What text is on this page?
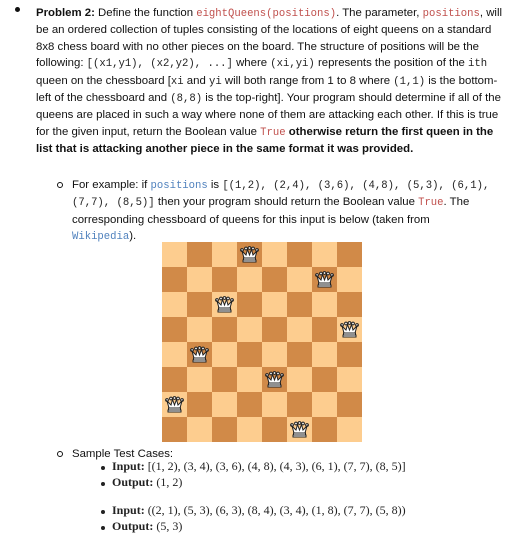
Problem 2: Define the function eightQueens(positions). The parameter, positions, will be an ordered collection of tuples consisting of the locations of eight queens on a standard 8x8 chess board with no other pieces on the board. The structure of positions will be the following: [(x1,y1), (x2,y2), ...] where (xi,yi) represents the position of the ith queen on the chessboard [xi and yi will both range from 1 to 8 where (1,1) is the bottom-left of the chessboard and (8,8) is the top-right]. Your program should determine if all of the queens are placed in such a way where none of them are attacking each other. If this is true for the given input, return the Boolean value True otherwise return the first queen in the list that is attacking another piece in the same format it was provided.
For example: if positions is [(1,2), (2,4), (3,6), (4,8), (5,3), (6,1), (7,7), (8,5)] then your program should return the Boolean value True. The corresponding chessboard of queens for this input is below (taken from Wikipedia).
Sample Test Cases:
Input: [(1, 2), (3, 4), (3, 6), (4, 8), (4, 3), (6, 1), (7, 7), (8, 5)]
Output: (1, 2)
Input: ((2, 1), (5, 3), (6, 3), (8, 4), (3, 4), (1, 8), (7, 7), (5, 8))
Output: (5, 3)
